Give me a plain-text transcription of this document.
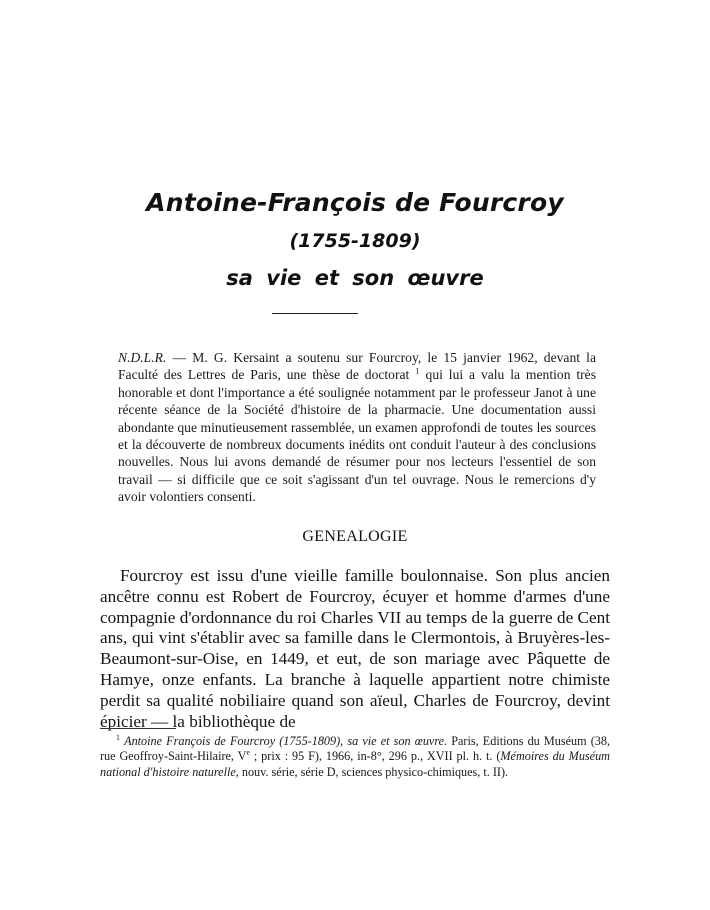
Antoine-François de Fourcroy
(1755-1809)
sa vie et son œuvre
N.D.L.R. — M. G. Kersaint a soutenu sur Fourcroy, le 15 janvier 1962, devant la Faculté des Lettres de Paris, une thèse de doctorat $^1$ qui lui a valu la mention très honorable et dont l'importance a été soulignée notamment par le professeur Janot à une récente séance de la Société d'histoire de la pharmacie. Une documentation aussi abondante que minutieusement rassemblée, un examen approfondi de toutes les sources et la découverte de nombreux documents inédits ont conduit l'auteur à des conclusions nouvelles. Nous lui avons demandé de résumer pour nos lecteurs l'essentiel de son travail — si difficile que ce soit s'agissant d'un tel ouvrage. Nous le remercions d'y avoir volontiers consenti.
GENEALOGIE
Fourcroy est issu d'une vieille famille boulonnaise. Son plus ancien ancêtre connu est Robert de Fourcroy, écuyer et homme d'armes d'une compagnie d'ordonnance du roi Charles VII au temps de la guerre de Cent ans, qui vint s'établir avec sa famille dans le Clermontois, à Bruyères-les-Beaumont-sur-Oise, en 1449, et eut, de son mariage avec Pâquette de Hamye, onze enfants. La branche à laquelle appartient notre chimiste perdit sa qualité nobiliaire quand son aïeul, Charles de Fourcroy, devint épicier — la bibliothèque de
$^1$ Antoine François de Fourcroy (1755-1809), sa vie et son œuvre. Paris, Editions du Muséum (38, rue Geoffroy-Saint-Hilaire, Ve ; prix : 95 F), 1966, in-8°, 296 p., XVII pl. h. t. (Mémoires du Muséum national d'histoire naturelle, nouv. série, série D, sciences physico-chimiques, t. II).
